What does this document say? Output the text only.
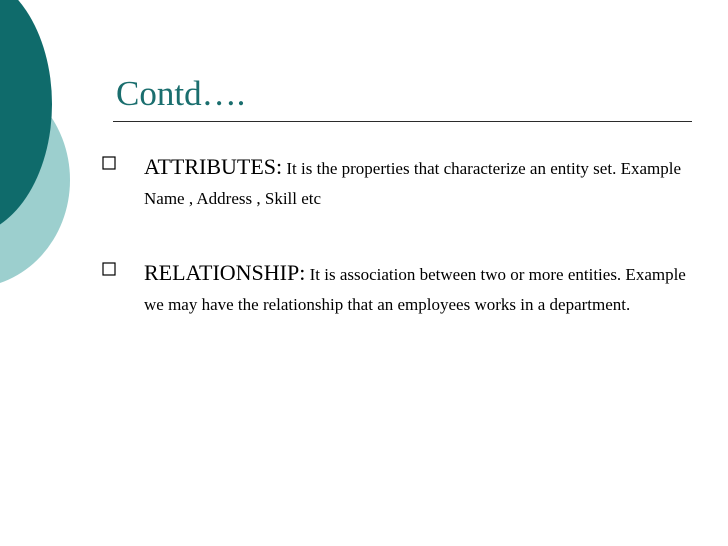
Contd….

ATTRIBUTES: It is the properties that characterize an entity set. Example Name , Address , Skill etc

RELATIONSHIP: It is association between two or more entities. Example we may have the relationship that an employees works in a department.
